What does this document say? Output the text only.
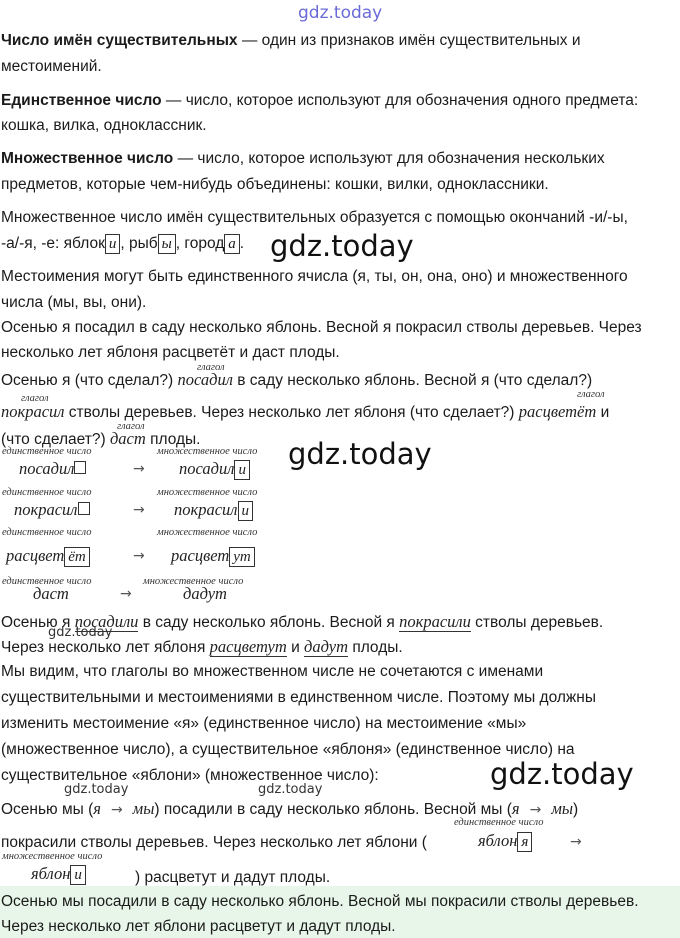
gdz.today
Число имён существительных — один из признаков имён существительных и
местоимений.
Единственное число — число, которое используют для обозначения одного предмета:
кошка, вилка, одноклассник.
Множественное число — число, которое используют для обозначения нескольких
предметов, которые чем-нибудь объединены: кошки, вилки, одноклассники.
Множественное число имён существительных образуется с помощью окончаний -и/-ы,
-а/-я, -е: яблок и , рыб ы , город а . gdz.today
Местоимения могут быть единственного ячисла (я, ты, он, она, оно) и множественного
числа (мы, вы, они).
Осенью я посадил в саду несколько яблонь. Весной я покрасил стволы деревьев. Через
несколько лет яблоня расцветёт и даст плоды.
глагол
Осенью я (что сделал?) посадил в саду несколько яблонь. Весной я (что сделал?)
глагол
покрасил стволы деревьев. Через несколько лет яблоня (что сделает?) расцветёт и
глагол
глагол
(что сделает?) даст плоды.
единственное число	множественное число
посадил	→ посадил и gdz.today
единственное число	множественное число
покрасил	→ покрасил и
единственное число	множественное число
расцвет ёт	→ расцвет ут
единственное число	множественное число
даст	→	дадут
Осенью я посадили в саду несколько яблонь. Весной я покрасили стволы деревьев.
gdz.today
Через несколько лет яблоня расцветут и дадут плоды.
Мы видим, что глаголы во множественном числе не сочетаются с именами
существительными и местоимениями в единственном числе. Поэтому мы должны
изменить местоимение «я» (единственное число) на местоимение «мы»
(множественное число), а существительное «яблоня» (единственное число) на
существительное «яблони» (множественное число):	gdz.today
gdz.today	gdz.today
Осенью мы (я → мы) посадили в саду несколько яблонь. Весной мы (я → мы)
единственное число
покрасили стволы деревьев. Через несколько лет яблони (	яблон я	→
множественное число
яблон и	) расцветут и дадут плоды.
Осенью мы посадили в саду несколько яблонь. Весной мы покрасили стволы деревьев.
Через несколько лет яблони расцветут и дадут плоды.
